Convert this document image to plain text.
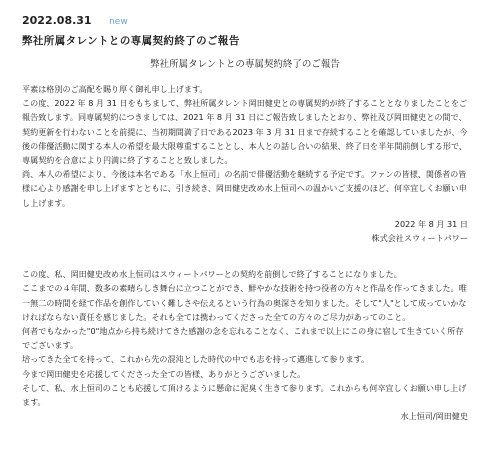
2022.08.31 new
弊社所属タレントとの専属契約終了のご報告
弊社所属タレントとの専属契約終了のご報告

平素は格別のご高配を賜り厚く御礼申し上げます。

この度、2022 年 8 月 31 日をもちまして、弊社所属タレント岡田健史との専属契約が終了することとなりましたことをご報告致します。同専属契約につきましては、2021 年 8 月 31 日にご報告致しましたとおり、弊社及び岡田健史との間で、契約更新を行わないことを前提に、当初期間満了日である2023 年 3 月 31 日まで存続することを確認していましたが、今後の俳優活動に関する本人の希望を最大限尊重することとし、本人との話し合いの結果、終了日を半年間前倒しする形で、専属契約を合意により円満に終了することと致しました。

尚、本人の希望により、今後は本名である「水上恒司」の名前で俳優活動を継続する予定です。ファンの皆様、関係者の皆様に心より感謝を申し上げますとともに、引き続き、岡田健史改め水上恒司への温かいご支援のほど、何卒宜しくお願い申し上げます。

2022 年 8 月 31 日

株式会社スウィートパワー

この度、私、岡田健史改め水上恒司はスウィートパワーとの契約を前倒しで終了することになりました。

ここまでの４年間、数多の素晴らしき舞台に立つことができ、鮮やかな技術を持つ役者の方々と作品を作ってきました。唯一無二の時間を経て作品を創作していく難しさや伝えるという行為の奥深さを知りました。そして"人"として成っていかなければならない責任を感じました。それも全ては携わってくださった全ての方々のご尽力があってのこと。

何者でもなかった"0"地点から持ち続けてきた感謝の念を忘れることなく、これまで以上にこの身に宿して生きていく所存でございます。

培ってきた全てを持って、これから先の混沌とした時代の中でも志を持って邁進して参ります。

今まで岡田健史を応援してくださった全ての皆様、ありがとうございました。

そして、私、水上恒司のことも応援して頂けるように懸命に泥臭く生きて参ります。これからも何卒宜しくお願い申し上げます。

水上恒司/岡田健史
